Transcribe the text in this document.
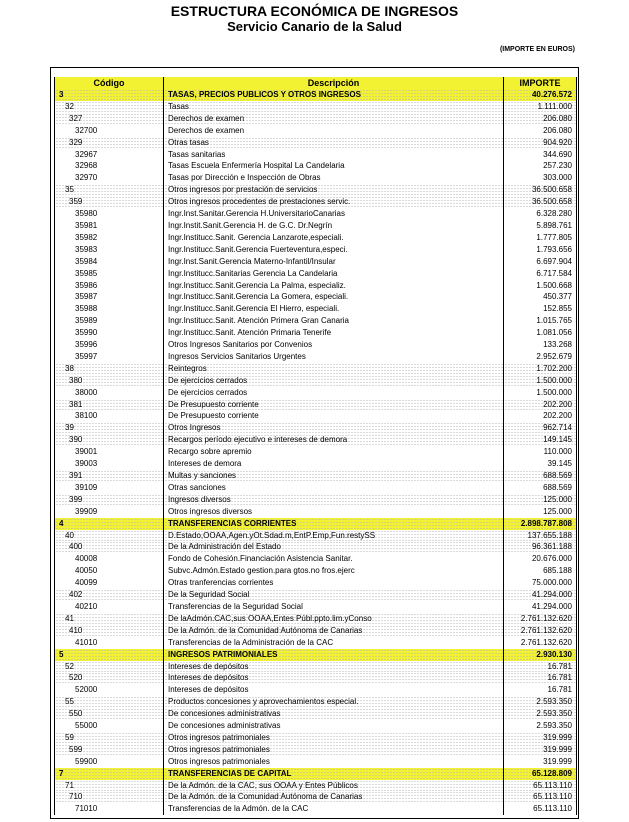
ESTRUCTURA ECONÓMICA DE INGRESOS
Servicio Canario de la Salud
(IMPORTE EN EUROS)
Código	Descripción	IMPORTE
3	TASAS, PRECIOS PUBLICOS Y OTROS INGRESOS	40.276.572
32	Tasas	1.111.000
327	Derechos de examen	206.080
32700	Derechos de examen	206.080
329	Otras tasas	904.920
32967	Tasas sanitarias	344.690
32968	Tasas Escuela Enfermería Hospital La Candelaria	257.230
32970	Tasas por Dirección e Inspección de Obras	303.000
35	Otros ingresos por prestación de servicios	36.500.658
359	Otros ingresos procedentes de prestaciones servic.	36.500.658
35980	Ingr.Inst.Sanitar.Gerencia H.UniversitarioCanarias	6.328.280
35981	Ingr.Instit.Sanit.Gerencia H. de G.C. Dr.Negrín	5.898.761
35982	Ingr.Institucc.Sanit. Gerencia Lanzarote,especiali.	1.777.805
35983	Ingr.Institucc.Sanit.Gerencia Fuerteventura,especi.	1.793.656
35984	Ingr.Inst.Sanit.Gerencia Materno-Infantil/Insular	6.697.904
35985	Ingr.Institucc.Sanitarias Gerencia La Candelaria	6.717.584
35986	Ingr.Institucc.Sanit.Gerencia La Palma, especializ.	1.500.668
35987	Ingr.Institucc.Sanit.Gerencia La Gomera, especiali.	450.377
35988	Ingr.Institucc.Sanit.Gerencia El Hierro, especiali.	152.855
35989	Ingr.Institucc.Sanit. Atención Primera Gran Canaria	1.015.765
35990	Ingr.Institucc.Sanit. Atención Primaria Tenerife	1.081.056
35996	Otros Ingresos Sanitarios por Convenios	133.268
35997	Ingresos Servicios Sanitarios Urgentes	2.952.679
38	Reintegros	1.702.200
380	De ejercicios cerrados	1.500.000
38000	De ejercicios cerrados	1.500.000
381	De Presupuesto corriente	202.200
38100	De Presupuesto corriente	202.200
39	Otros Ingresos	962.714
390	Recargos período ejecutivo e intereses de demora	149.145
39001	Recargo sobre apremio	110.000
39003	Intereses de demora	39.145
391	Multas y sanciones	688.569
39109	Otras sanciones	688.569
399	Ingresos diversos	125.000
39909	Otros ingresos diversos	125.000
4	TRANSFERENCIAS CORRIENTES	2.898.787.808
40	D.Estado,OOAA,Agen.yOt.Sdad.m,EntP.Emp,Fun.restySS	137.655.188
400	De la Administración del Estado	96.361.188
40008	Fondo de Cohesión.Financiación Asistencia Sanitar.	20.676.000
40050	Subvc.Admón.Estado gestion.para gtos.no fros.ejerc	685.188
40099	Otras tranferencias corrientes	75.000.000
402	De la Seguridad Social	41.294.000
40210	Transferencias de la Seguridad Social	41.294.000
41	De laAdmón.CAC,sus OOAA,Entes Públ.ppto.lim.yConso	2.761.132.620
410	De la Admón. de la Comunidad Autónoma de Canarias	2.761.132.620
41010	Transferencias de la Administración de la CAC	2.761.132.620
5	INGRESOS PATRIMONIALES	2.930.130
52	Intereses de depósitos	16.781
520	Intereses de depósitos	16.781
52000	Intereses de depósitos	16.781
55	Productos concesiones y aprovechamientos especial.	2.593.350
550	De concesiones administrativas	2.593.350
55000	De concesiones administrativas	2.593.350
59	Otros ingresos patrimoniales	319.999
599	Otros ingresos patrimoniales	319.999
59900	Otros ingresos patrimoniales	319.999
7	TRANSFERENCIAS DE CAPITAL	65.128.809
71	De la Admón. de la CAC, sus OOAA y Entes Públicos	65.113.110
710	De la Admón. de la Comunidad Autónoma de Canarias	65.113.110
71010	Transferencias de la Admón. de la CAC	65.113.110
